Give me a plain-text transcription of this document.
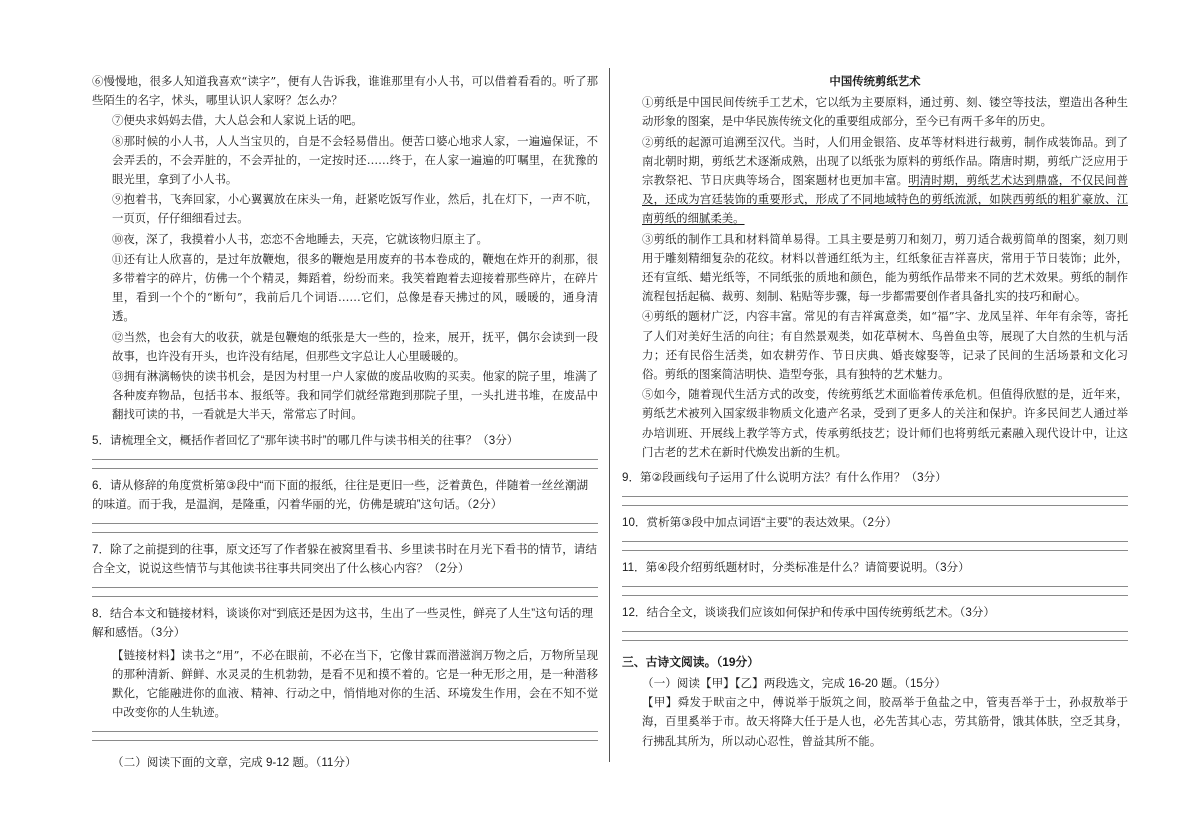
⑥慢慢地，很多人知道我喜欢“读字”，便有人告诉我，谁谁那里有小人书，可以借着看看的。听了那些陌生的名字，怵头，哪里认识人家呀？怎么办？
⑦便央求妈妈去借，大人总会和人家说上话的吧。
⑧那时候的小人书，人人当宝贝的，自是不会轻易借出。便苦口婆心地求人家，一遍遍保证，不会弄丢的，不会弄脏的，不会弄扯的，一定按时还……终于，在人家一遍遍的叮嘱里，在犹豫的眼光里，拿到了小人书。
⑨抱着书，飞奔回家，小心翼翼放在床头一角，赶紧吃饭写作业，然后，扎在灯下，一声不吭，一页页，仔仔细细看过去。
⑩夜，深了，我摸着小人书，恋恋不舍地睡去，天亮，它就该物归原主了。
⑪还有让人欣喜的，是过年放鞭炮，很多的鞭炮是用废弃的书本卷成的，鞭炮在炸开的刹那，很多带着字的碎片，仿佛一个个精灵，舞蹈着，纷纷而来。我笑着跑着去迎接着那些碎片，在碎片里，看到一个个的“断句”，我前后几个词语……它们，总像是春天拂过的风，暖暖的，通身清透。
⑫当然，也会有大的收获，就是包鞭炮的纸张是大一些的，捡来，展开，抚平，偶尔会读到一段故事，也许没有开头，也许没有结尾，但那些文字总让人心里暖暖的。
⑬拥有淋漓畅快的读书机会，是因为村里一户人家做的废品收购的买卖。他家的院子里，堆满了各种废弃物品，包括书本、报纸等。我和同学们就经常跑到那院子里，一头扎进书堆，在废品中翻找可读的书，一看就是大半天，常常忘了时间。
5．请梳理全文，概括作者回忆了“那年读书时”的哪几件与读书相关的往事？（3分）
6．请从修辞的角度赏析第③段中“而下面的报纸，往往是更旧一些，泛着黄色，伴随着一丝丝潮湖的味道。而于我，是温润，是隆重，闪着华丽的光，仿佛是琥珀”这句话。（2分）
7．除了之前提到的往事，原文还写了作者躲在被窝里看书、乡里读书时在月光下看书的情节，请结合全文，说说这些情节与其他读书往事共同突出了什么核心内容？（2分）
8．结合本文和链接材料，谈谈你对“到底还是因为这书，生出了一些灵性，鲜亮了人生”这句话的理解和感悟。（3分）
【链接材料】读书之“用”，不必在眼前，不必在当下，它像甘霖而潜滋润万物之后，万物所呈现的那种清新、鲜鲜、水灵灵的生机勃勃，是看不见和摸不着的。它是一种无形之用，是一种潜移默化，它能融进你的血液、精神、行动之中，悄悄地对你的生活、环境发生作用，会在不知不觉中改变你的人生轨迹。
（二）阅读下面的文章，完成 9-12 题。（11分）
中国传统剪纸艺术
①剪纸是中国民间传统手工艺术，它以纸为主要原料，通过剪、刻、镂空等技法，塑造出各种生动形象的图案，是中华民族传统文化的重要组成部分，至今已有两千多年的历史。
②剪纸的起源可追溯至汉代。当时，人们用金银箔、皮革等材料进行裁剪，制作成装饰品。到了南北朝时期，剪纸艺术逐渐成熟，出现了以纸张为原料的剪纸作品。隋唐时期，剪纸广泛应用于宗教祭祀、节日庆典等场合，图案题材也更加丰富。明清时期，剪纸艺术达到鼎盛，不仅民间普及，还成为宫廷装饰的重要形式，形成了不同地域特色的剪纸流派，如陕西剪纸的粗犷豪放、江南剪纸的细腻柔美。
③剪纸的制作工具和材料简单易得。工具主要是剪刀和刻刀，剪刀适合裁剪简单的图案，刻刀则用于雕刻精细复杂的花纹。材料以普通红纸为主，红纸象征吉祥喜庆，常用于节日装饰；此外，还有宣纸、蜡光纸等，不同纸张的质地和颜色，能为剪纸作品带来不同的艺术效果。剪纸的制作流程包括起稿、裁剪、刻制、粘贴等步骤，每一步都需要创作者具备扎实的技巧和耐心。
④剪纸的题材广泛，内容丰富。常见的有吉祥寓意类，如“福”字、龙凤呈祥、年年有余等，寄托了人们对美好生活的向往；有自然景观类，如花草树木、鸟兽鱼虫等，展现了大自然的生机与活力；还有民俗生活类，如农耕劳作、节日庆典、婚丧嫁娶等，记录了民间的生活场景和文化习俗。剪纸的图案简洁明快、造型夸张，具有独特的艺术魅力。
⑤如今，随着现代生活方式的改变，传统剪纸艺术面临着传承危机。但值得欣慰的是，近年来，剪纸艺术被列入国家级非物质文化遗产名录，受到了更多人的关注和保护。许多民间艺人通过举办培训班、开展线上教学等方式，传承剪纸技艺；设计师们也将剪纸元素融入现代设计中，让这门古老的艺术在新时代焕发出新的生机。
9．第②段画线句子运用了什么说明方法？有什么作用？（3分）
10．赏析第③段中加点词语“主要”的表达效果。（2分）
11．第④段介绍剪纸题材时，分类标准是什么？请简要说明。（3分）
12．结合全文，谈谈我们应该如何保护和传承中国传统剪纸艺术。（3分）
三、古诗文阅读。（19分）
（一）阅读【甲】【乙】两段选文，完成 16-20 题。（15分）
【甲】舜发于畎亩之中，傅说举于版筑之间，胶鬲举于鱼盐之中，管夷吾举于士，孙叔敖举于海，百里奚举于市。故天将降大任于是人也，必先苦其心志，劳其筋骨，饿其体肤，空乏其身，行拂乱其所为，所以动心忍性，曾益其所不能。
